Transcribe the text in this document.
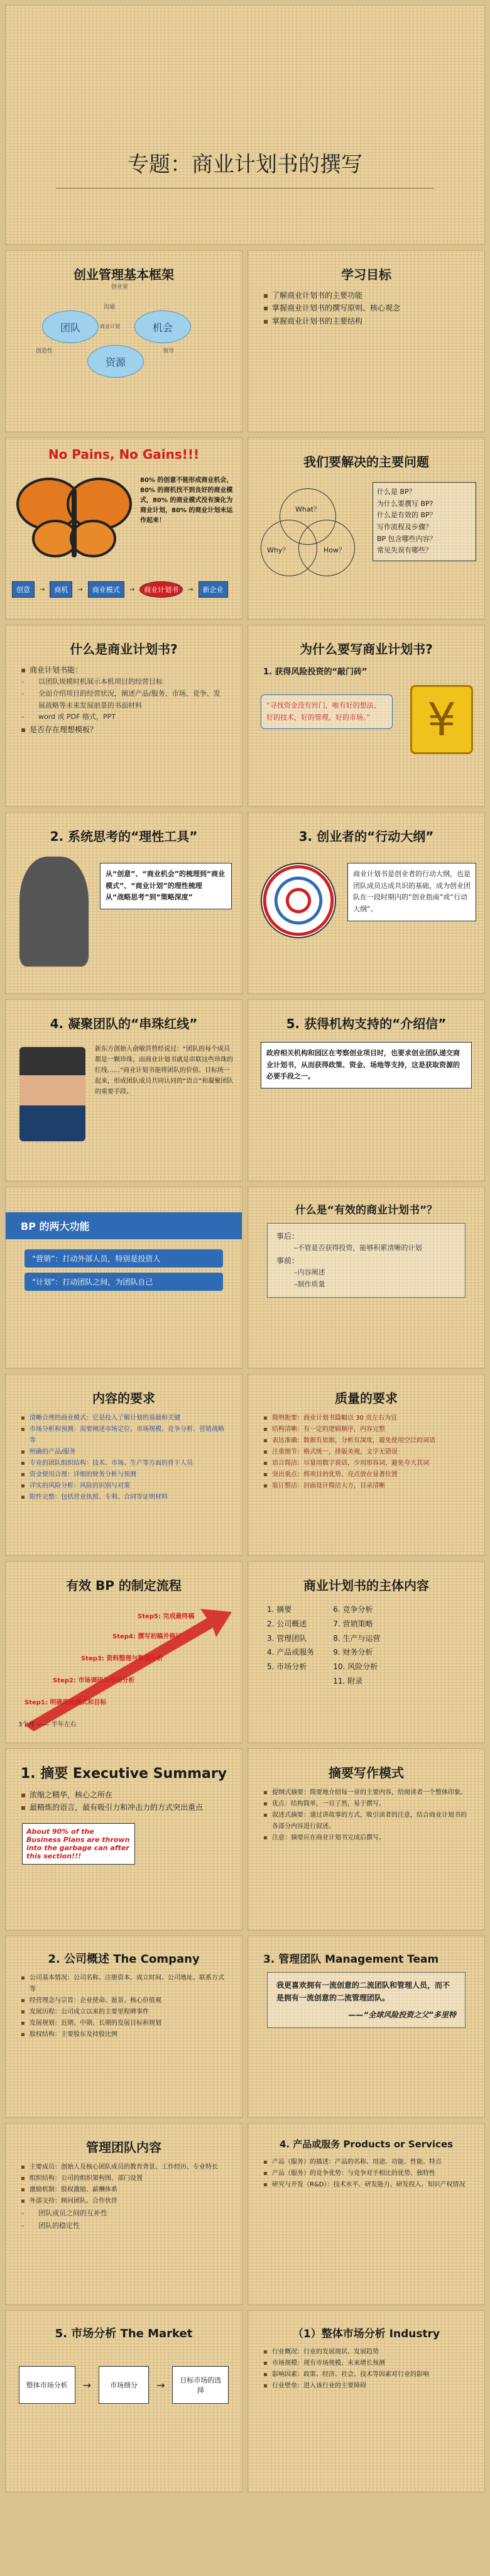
专题：商业计划书的撰写
创业管理基本框架
创业家
团队	机会
资源
商业计划
创造性
沟通
领导
学习目标
▪ 了解商业计划书的主要功能
▪ 掌握商业计划书的撰写原则、核心观念
▪ 掌握商业计划书的主要结构
No Pains, No Gains!!!
80% 的创意不能形成商业机会，80% 的商机找不到良好的商业模式，80% 的商业模式没有演化为商业计划，80% 的商业计划未运作起来！
创意	→	商机	→	商业模式	→	商业计划书	→	新企业
我们要解决的主要问题
What？
Why？	How？
什么是 BP？
为什么要撰写 BP?
什么是有效的 BP？
写作流程及步骤？
BP 包含哪些内容？
常见失误有哪些？
什么是商业计划书?
▪ 商业计划书能：
– 以团队规模时机展示本机项目的经营目标
– 全面介绍项目的经营状况，阐述产品/服务、市场、竞争、发展战略等未来发展前景的书面材料
– word 或 PDF 格式，PPT
▪ 是否存在理想模板？
为什么要写商业计划书?
1. 获得风险投资的“敲门砖”
“寻找资金没有窍门，唯有好的想法、好的技术，好的管理，好的市场。”	¥
2. 系统思考的“理性工具”
从“创意”、“商业机会”的梳理到“商业模式”、“商业计划”的理性梳理
从“战略思考”到“策略深度”
3. 创业者的“行动大纲”
商业计划书是创业者的行动大纲，也是团队成员达成共识的基础，成为创业团队在一段时期内的“创业指南”或“行动大纲”。
4. 凝聚团队的“串珠红线”
新东方创始人俞敏洪曾经说过：“团队的每个成员都是一颗珍珠，而商业计划书就是串联这些珍珠的红线……”商业计划书能将团队的价值、目标统一起来，形成团队成员共同认同的“语言”和凝聚团队的重要手段。
5. 获得机构支持的“介绍信”
政府相关机构和园区在考察创业项目时，也要求创业团队递交商业计划书，从而获得政策、资金、场地等支持，这是获取资源的必要手段之一。
BP 的两大功能
“营销”：打动外部人员，特别是投资人
“计划”：打动团队之间，为团队自己
什么是“有效的商业计划书”？
事后：
– 不管是否获得投资，能够积累清晰的计划
事前：
– 内容阐述
– 制作质量
内容的要求
▪ 清晰合理的商业模式：它是投入了解计划的基础和关键
▪ 市场分析和预测：需要阐述市场定位、市场规模、竞争分析、营销战略等
▪ 明确的产品/服务
▪ 专业的团队组织结构：技术、市场、生产等方面的骨干人员
▪ 资金使用合理：详细的财务分析与预测
▪ 详实的风险分析：风险的识别与对策
▪ 附件完整：包括营业执照、专利、合同等证明材料
质量的要求
▪ 简明扼要：商业计划书篇幅以 30 页左右为宜
▪ 结构清晰：有一定的逻辑顺序，内容完整
▪ 表达准确：数据有依据，分析有深度，避免使用空泛的词语
▪ 注重细节：格式统一，排版美观，文字无错误
▪ 语言简洁：尽量用数字说话，少用形容词，避免夸大其词
▪ 突出重点：将项目的优势、亮点放在显著位置
▪ 装订整洁：封面设计简洁大方，目录清晰
有效 BP 的制定流程
Step5: 完成最终稿
Step4: 撰写初稿并修订
Step3: 资料整理与数据分析
Step2: 市场调研与市场分析
Step1: 明确商业模式和目标
3个月 —— 半年左右
商业计划书的主体内容
1. 摘要
2. 公司概述
3. 管理团队
4. 产品或服务
5. 市场分析
6. 竞争分析
7. 营销策略
8. 生产与运营
9. 财务分析
10. 风险分析
11. 附录
1. 摘要 Executive Summary
▪ 浓缩之精华，核心之所在
▪ 最精炼的语言，最有吸引力和冲击力的方式突出重点
About 90% of the Business Plans are thrown into the garbage can after this section!!!
摘要写作模式
▪ 提纲式摘要：简要地介绍每一章的主要内容，给阅读者一个整体印象。
▪ 优点：结构简单，一目了然，易于撰写。
▪ 叙述式摘要：通过讲故事的方式，吸引读者的注意，结合商业计划书的各部分内容进行叙述。
▪ 注意：摘要应在商业计划书完成后撰写。
2. 公司概述 The Company
▪ 公司基本情况：公司名称、注册资本、成立时间、公司地址、联系方式等
▪ 经营理念与宗旨：企业使命、愿景、核心价值观
▪ 发展历程：公司成立以来的主要里程碑事件
▪ 发展规划：近期、中期、长期的发展目标和规划
▪ 股权结构：主要股东及持股比例
3. 管理团队 Management Team
我更喜欢拥有一流创意的二流团队和管理人员，而不是拥有一流创意的二流管理团队。
——“全球风险投资之父”多里特
管理团队内容
▪ 主要成员：创始人及核心团队成员的教育背景、工作经历、专业特长
▪ 组织结构：公司的组织架构图、部门设置
▪ 激励机制：股权激励、薪酬体系
▪ 外部支持：顾问团队、合作伙伴
– 团队成员之间的互补性
– 团队的稳定性
4. 产品或服务 Products or Services
▪ 产品（服务）的描述：产品的名称、用途、功能、性能、特点
▪ 产品（服务）的竞争优势：与竞争对手相比的优势、独特性
▪ 研究与开发（R&D）：技术水平、研发能力、研发投入、知识产权情况
5. 市场分析 The Market
整体市场分析	→	市场细分	→	目标市场的选择
（1）整体市场分析 Industry
▪ 行业概况：行业的发展现状、发展趋势
▪ 市场规模：现有市场规模、未来增长预测
▪ 影响因素：政策、经济、社会、技术等因素对行业的影响
▪ 行业壁垒：进入该行业的主要障碍
